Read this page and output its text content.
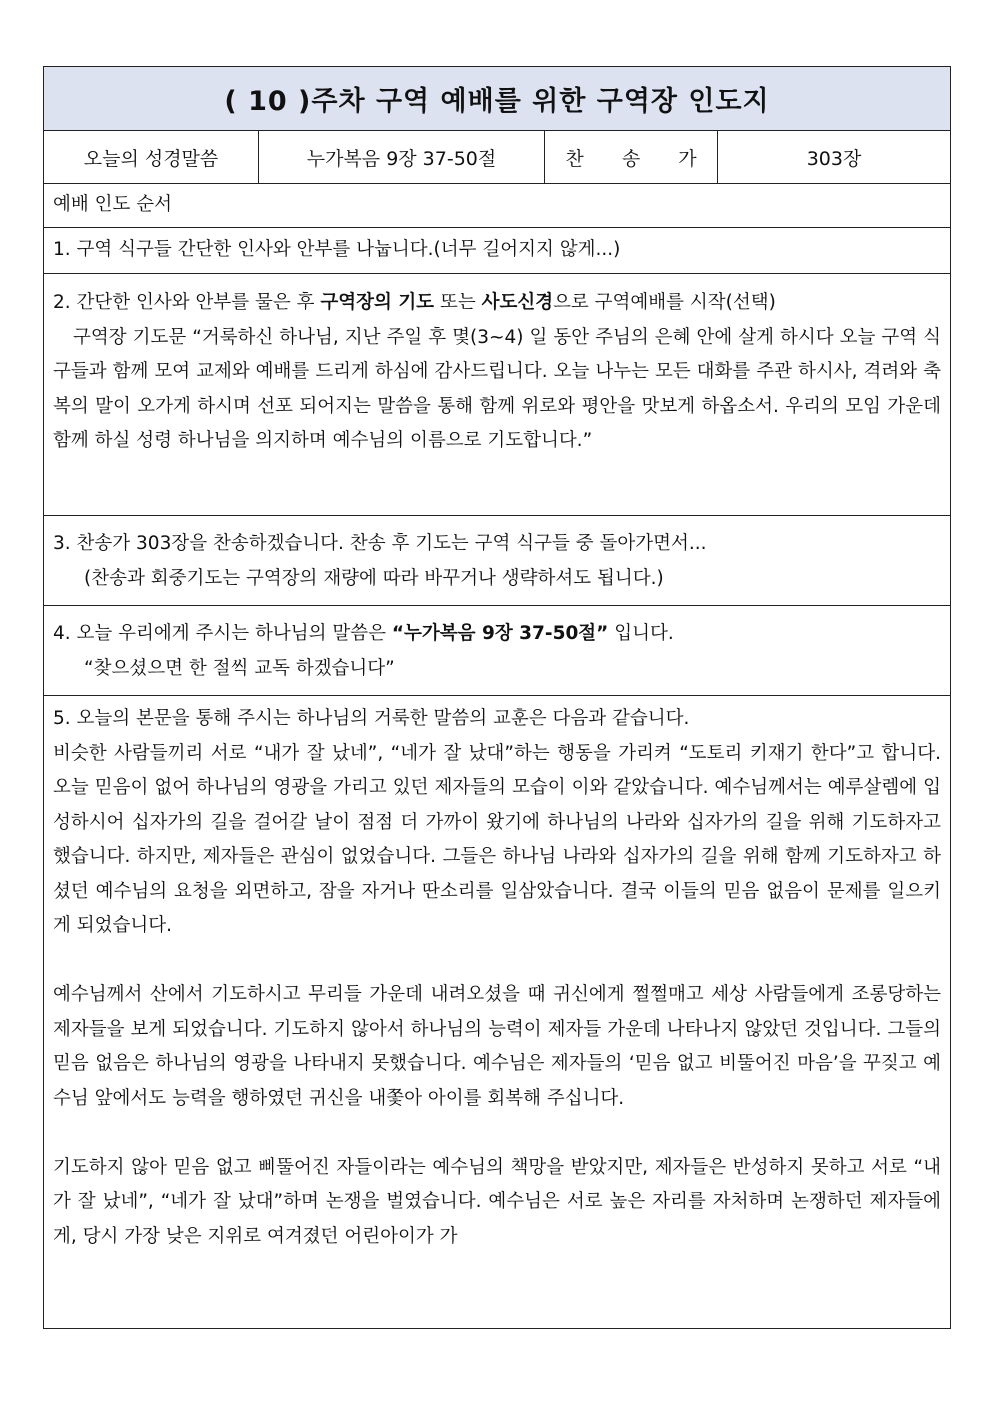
( 10 )주차 구역 예배를 위한 구역장 인도지
오늘의 성경말씀	누가복음 9장 37-50절	찬 송 가	303장
예배 인도 순서
1. 구역 식구들 간단한 인사와 안부를 나눕니다.(너무 길어지지 않게...)

2. 간단한 인사와 안부를 물은 후 구역장의 기도 또는 사도신경으로 구역예배를 시작(선택)

구역장 기도문 “거룩하신 하나님, 지난 주일 후 몇(3~4) 일 동안 주님의 은혜 안에 살게 하시다 오늘 구역 식구들과 함께 모여 교제와 예배를 드리게 하심에 감사드립니다. 오늘 나누는 모든 대화를 주관 하시사, 격려와 축복의 말이 오가게 하시며 선포 되어지는 말씀을 통해 함께 위로와 평안을 맛보게 하옵소서. 우리의 모임 가운데 함께 하실 성령 하나님을 의지하며 예수님의 이름으로 기도합니다.”

3. 찬송가 303장을 찬송하겠습니다. 찬송 후 기도는 구역 식구들 중 돌아가면서...

(찬송과 회중기도는 구역장의 재량에 따라 바꾸거나 생략하셔도 됩니다.)

4. 오늘 우리에게 주시는 하나님의 말씀은 “누가복음 9장 37-50절” 입니다.

“찾으셨으면 한 절씩 교독 하겠습니다”

5. 오늘의 본문을 통해 주시는 하나님의 거룩한 말씀의 교훈은 다음과 같습니다.

비슷한 사람들끼리 서로 “내가 잘 났네”, “네가 잘 났대”하는 행동을 가리켜 “도토리 키재기 한다”고 합니다. 오늘 믿음이 없어 하나님의 영광을 가리고 있던 제자들의 모습이 이와 같았습니다. 예수님께서는 예루살렘에 입성하시어 십자가의 길을 걸어갈 날이 점점 더 가까이 왔기에 하나님의 나라와 십자가의 길을 위해 기도하자고 했습니다. 하지만, 제자들은 관심이 없었습니다. 그들은 하나님 나라와 십자가의 길을 위해 함께 기도하자고 하셨던 예수님의 요청을 외면하고, 잠을 자거나 딴소리를 일삼았습니다. 결국 이들의 믿음 없음이 문제를 일으키게 되었습니다.

예수님께서 산에서 기도하시고 무리들 가운데 내려오셨을 때 귀신에게 쩔쩔매고 세상 사람들에게 조롱당하는 제자들을 보게 되었습니다. 기도하지 않아서 하나님의 능력이 제자들 가운데 나타나지 않았던 것입니다. 그들의 믿음 없음은 하나님의 영광을 나타내지 못했습니다. 예수님은 제자들의 ‘믿음 없고 비뚤어진 마음’을 꾸짖고 예수님 앞에서도 능력을 행하였던 귀신을 내쫓아 아이를 회복해 주십니다.

기도하지 않아 믿음 없고 삐뚤어진 자들이라는 예수님의 책망을 받았지만, 제자들은 반성하지 못하고 서로 “내가 잘 났네”, “네가 잘 났대”하며 논쟁을 벌였습니다. 예수님은 서로 높은 자리를 자처하며 논쟁하던 제자들에게, 당시 가장 낮은 지위로 여겨졌던 어린아이가 가
